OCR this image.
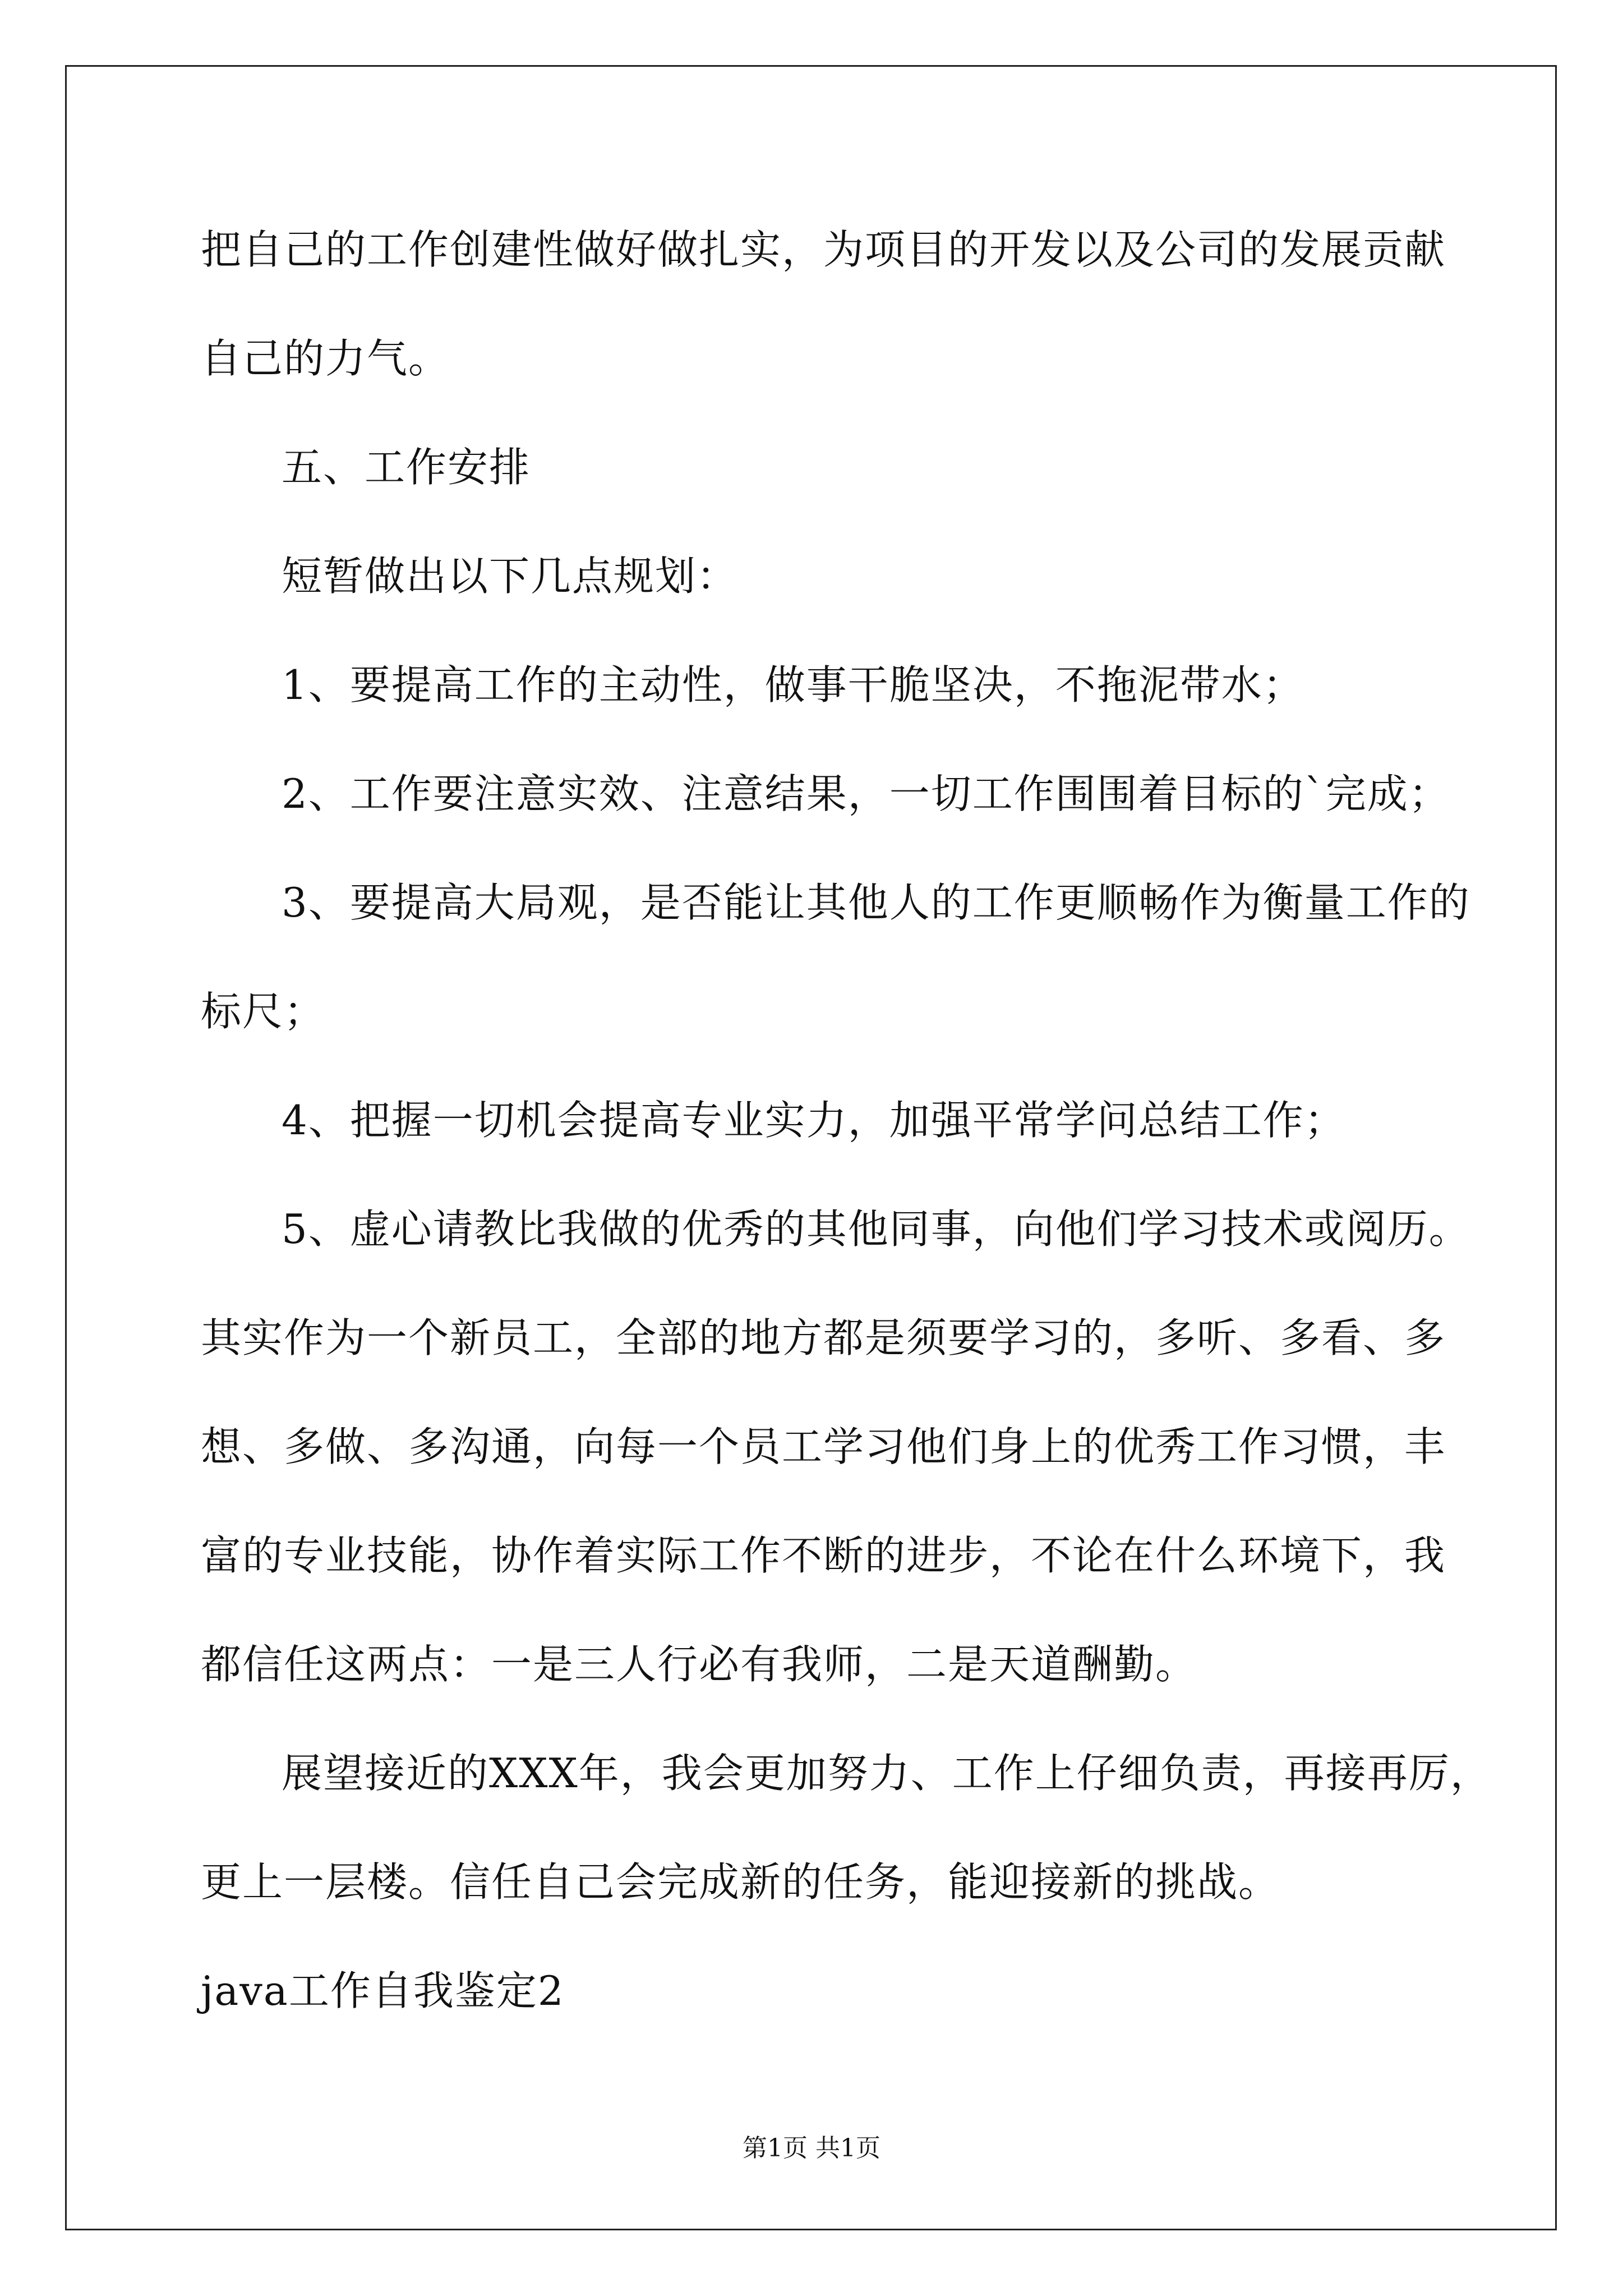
把自己的工作创建性做好做扎实，为项目的开发以及公司的发展贡献
自己的力气。
五、工作安排
短暂做出以下几点规划：
1、要提高工作的主动性，做事干脆坚决，不拖泥带水；
2、工作要注意实效、注意结果，一切工作围围着目标的`完成；
3、要提高大局观，是否能让其他人的工作更顺畅作为衡量工作的
标尺；
4、把握一切机会提高专业实力，加强平常学问总结工作；
5、虚心请教比我做的优秀的其他同事，向他们学习技术或阅历。
其实作为一个新员工，全部的地方都是须要学习的，多听、多看、多
想、多做、多沟通，向每一个员工学习他们身上的优秀工作习惯，丰
富的专业技能，协作着实际工作不断的进步，不论在什么环境下，我
都信任这两点：一是三人行必有我师，二是天道酬勤。
展望接近的XXX年，我会更加努力、工作上仔细负责，再接再厉，
更上一层楼。信任自己会完成新的任务，能迎接新的挑战。
java工作自我鉴定2
第1页 共1页
